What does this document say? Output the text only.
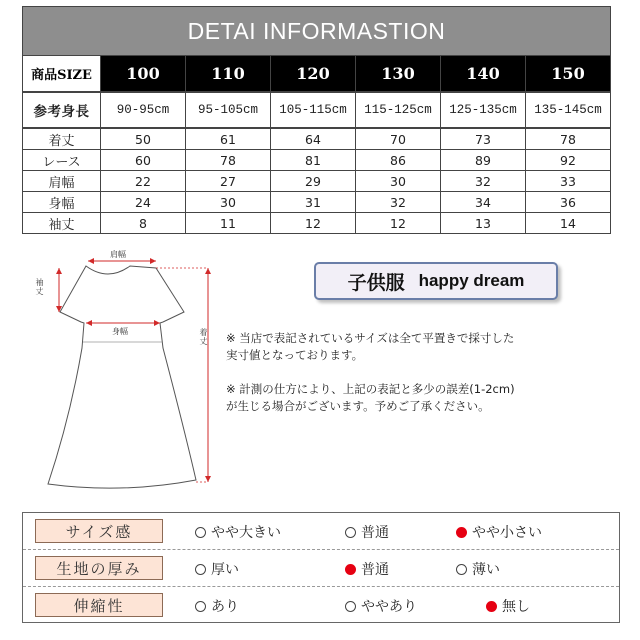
DETAI INFORMASTION						
商品SIZE	100	110	120	130	140	150
参考身長	90-95cm	95-105cm	105-115cm	115-125cm	125-135cm	135-145cm
着丈	50	61	64	70	73	78
レース	60	78	81	86	89	92
肩幅	22	27	29	30	32	33
身幅	24	30	31	32	34	36
袖丈	8	11	12	12	13	14
肩幅
身幅
袖丈
着丈
子供服 happy dream
※ 当店で表記されているサイズは全て平置きで採寸した
実寸値となっております。
※ 計測の仕方により、上記の表記と多少の誤差(1-2cm)
が生じる場合がございます。予めご了承ください。
サイズ感	やや大きい	普通	やや小さい
生地の厚み	厚い	普通	薄い
伸縮性	あり	ややあり	無し
